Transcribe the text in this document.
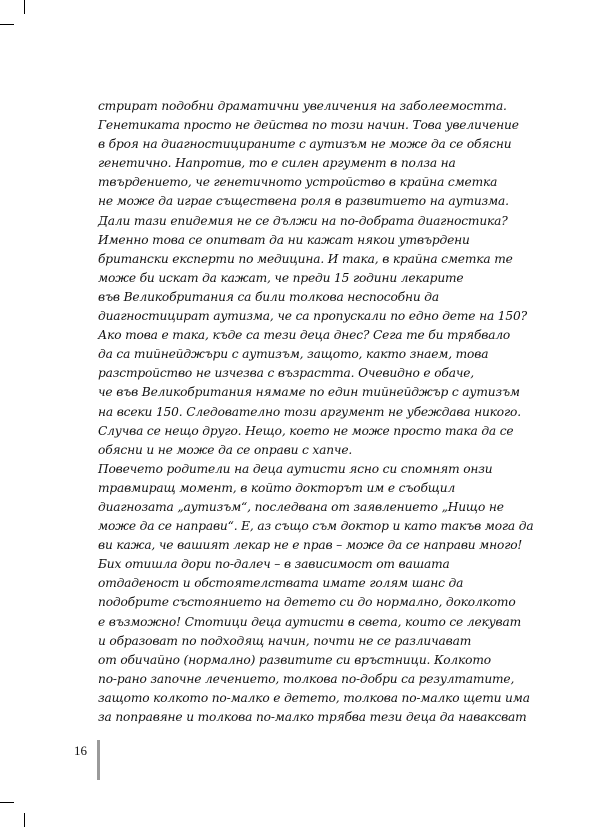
стрират подобни драматични увеличения на заболеемостта.
Генетиката просто не действа по този начин. Това увеличение
в броя на диагностицираните с аутизъм не може да се обясни
генетично. Напротив, то е силен аргумент в полза на
твърдението, че генетичното устройство в крайна сметка
не може да играе съществена роля в развитието на аутизма.
Дали тази епидемия не се дължи на по-добрата диагностика?
Именно това се опитват да ни кажат някои утвърдени
британски експерти по медицина. И така, в крайна сметка те
може би искат да кажат, че преди 15 години лекарите
във Великобритания са били толкова неспособни да
диагностицират аутизма, че са пропускали по едно дете на 150?
Ако това е така, къде са тези деца днес? Сега те би трябвало
да са тийнейджъри с аутизъм, защото, както знаем, това
разстройство не изчезва с възрастта. Очевидно е обаче,
че във Великобритания нямаме по един тийнейджър с аутизъм
на всеки 150. Следователно този аргумент не убеждава никого.
Случва се нещо друго. Нещо, което не може просто така да се
обясни и не може да се оправи с хапче.
Повечето родители на деца аутисти ясно си спомнят онзи
травмиращ момент, в който докторът им е съобщил
диагнозата „аутизъм“, последвана от заявлението „Нищо не
може да се направи“. Е, аз също съм доктор и като такъв мога да
ви кажа, че вашият лекар не е прав – може да се направи много!
Бих отишла дори по-далеч – в зависимост от вашата
отдаденост и обстоятелствата имате голям шанс да
подобрите състоянието на детето си до нормално, доколкото
е възможно! Стотици деца аутисти в света, които се лекуват
и образоват по подходящ начин, почти не се различават
от обичайно (нормално) развитите си връстници. Колкото
по-рано започне лечението, толкова по-добри са резултатите,
защото колкото по-малко е детето, толкова по-малко щети има
за поправяне и толкова по-малко трябва тези деца да наваксват
16
